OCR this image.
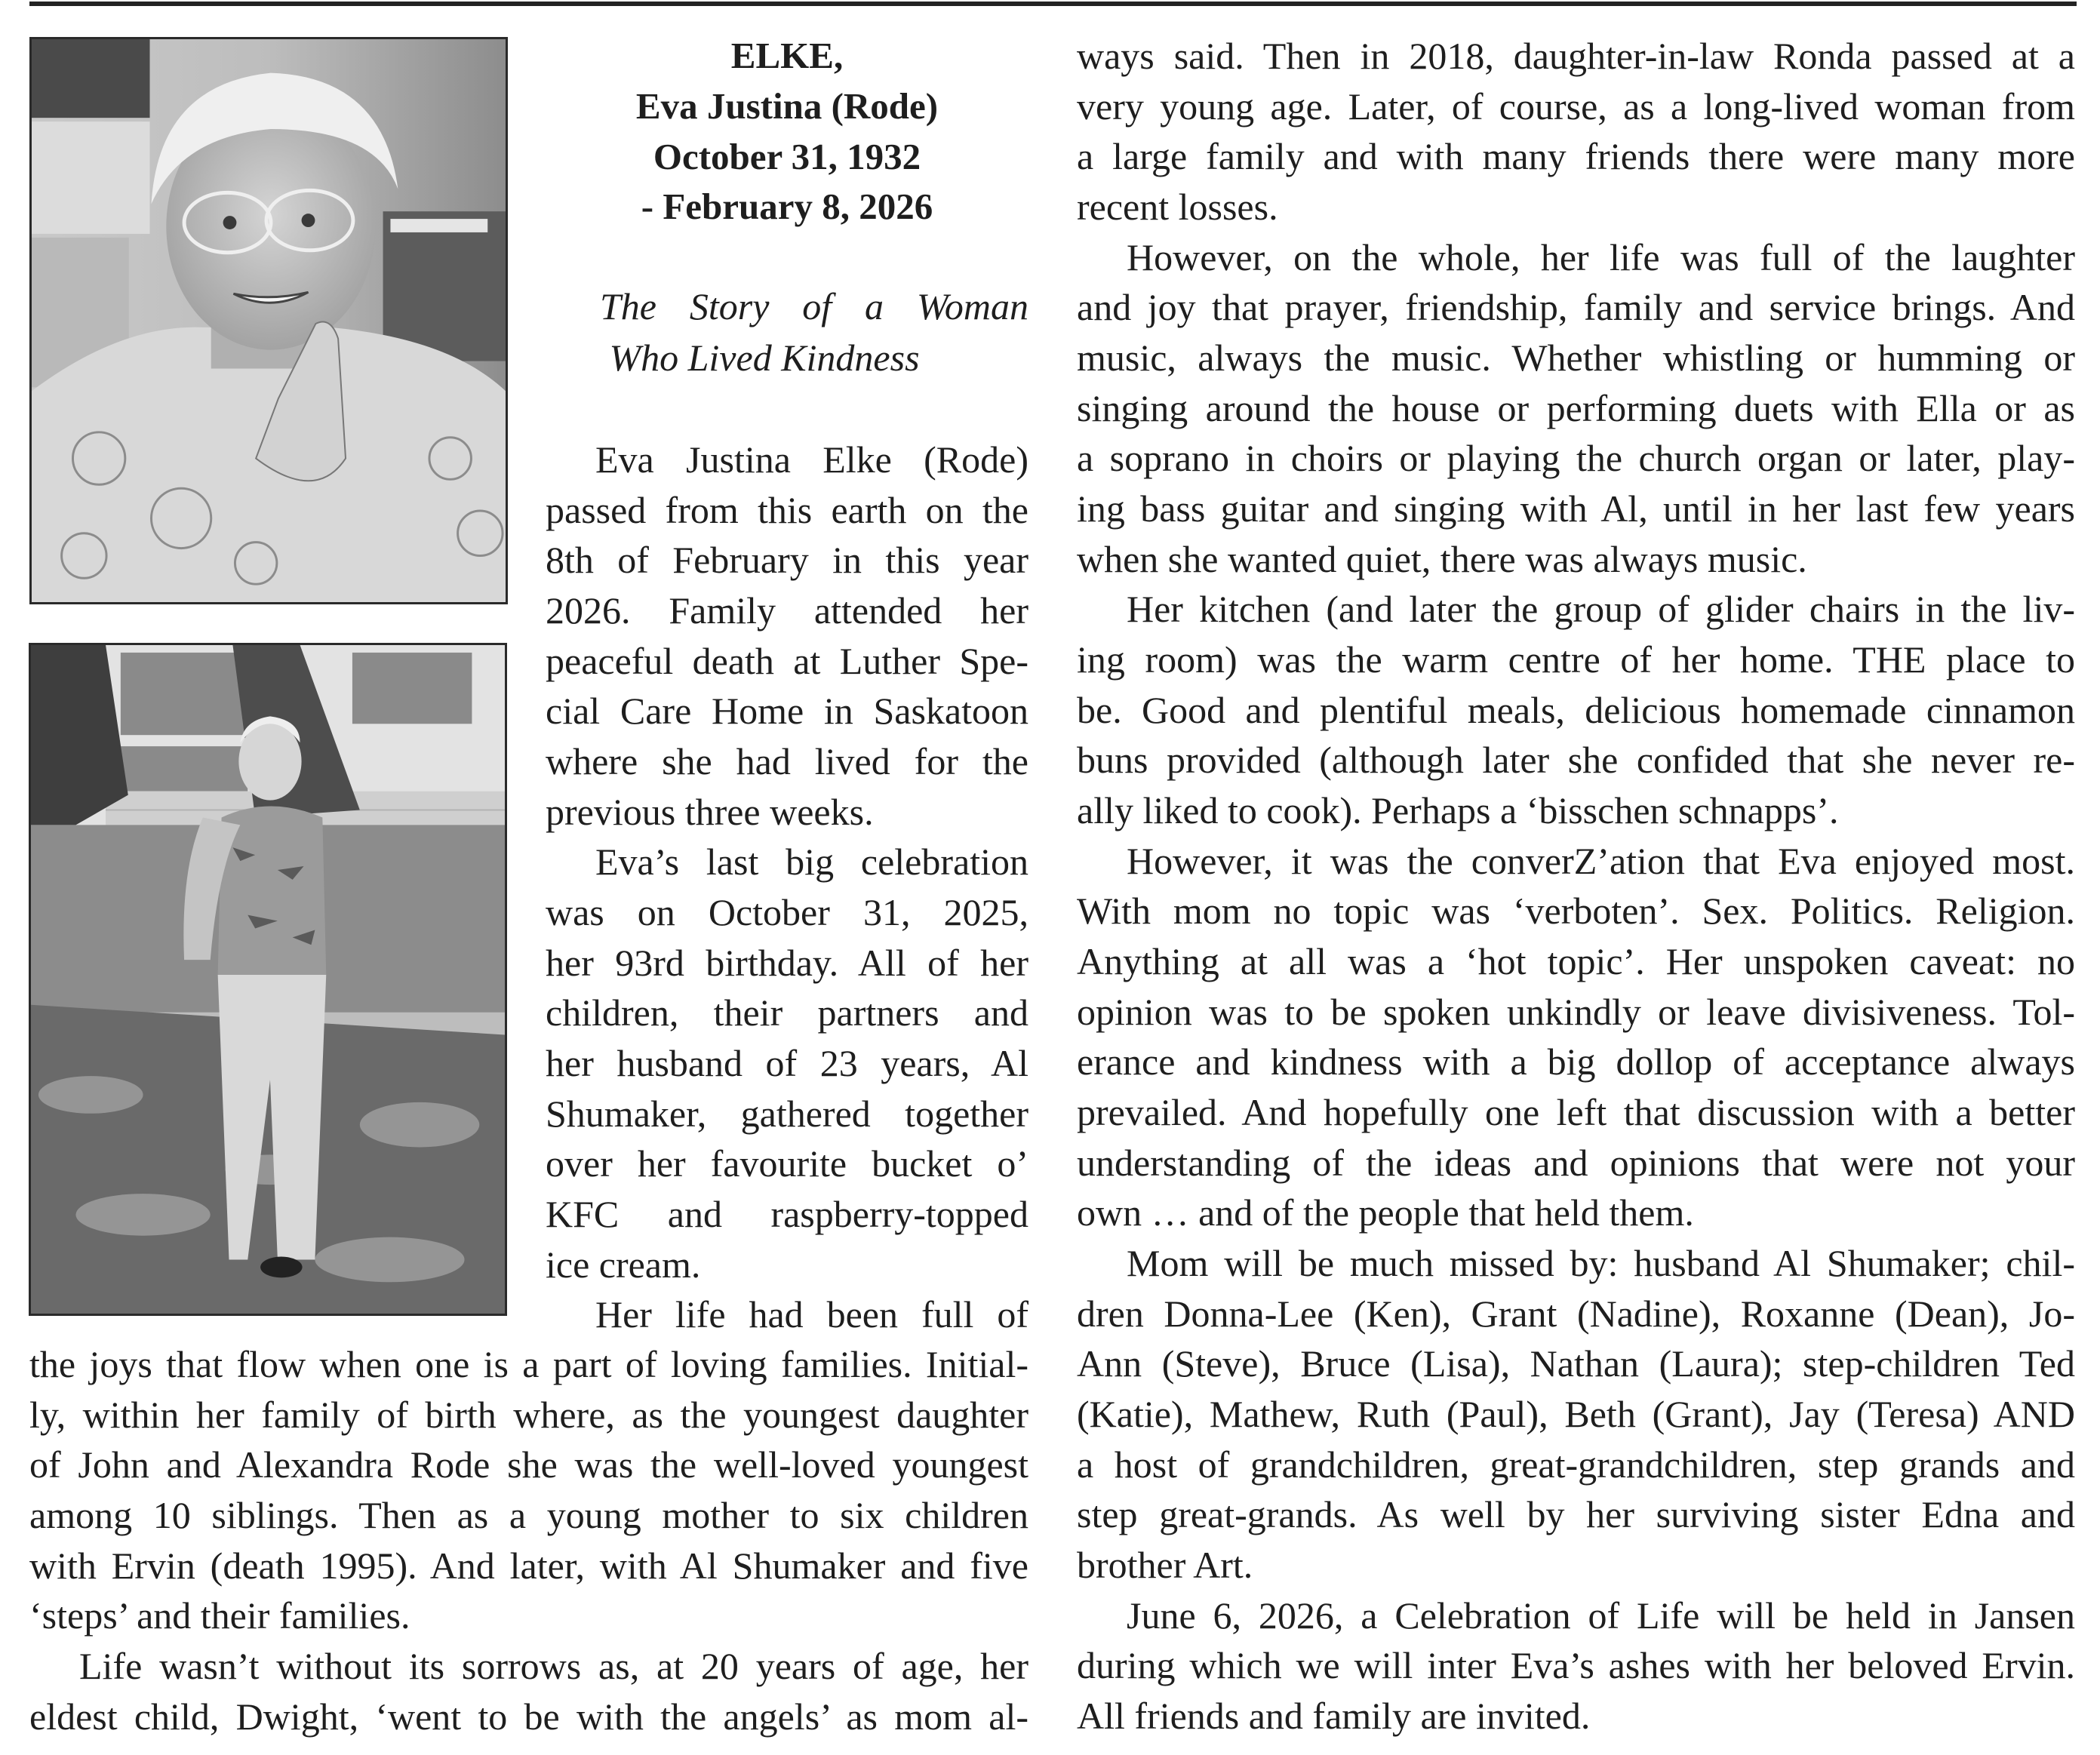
ELKE,
Eva Justina (Rode)
October 31, 1932
- February 8, 2026
The Story of a Woman
Who Lived Kindness
Eva Justina Elke (Rode)
passed from this earth on the
8th of February in this year
2026. Family attended her
peaceful death at Luther Spe-
cial Care Home in Saskatoon
where she had lived for the
previous three weeks.
Eva’s last big celebration
was on October 31, 2025,
her 93rd birthday. All of her
children, their partners and
her husband of 23 years, Al
Shumaker, gathered together
over her favourite bucket o’
KFC and raspberry-topped
ice cream.
Her life had been full of
the joys that flow when one is a part of loving families. Initial-
ly, within her family of birth where, as the youngest daughter
of John and Alexandra Rode she was the well-loved youngest
among 10 siblings. Then as a young mother to six children
with Ervin (death 1995). And later, with Al Shumaker and five
‘steps’ and their families.
Life wasn’t without its sorrows as, at 20 years of age, her
eldest child, Dwight, ‘went to be with the angels’ as mom al-
ways said. Then in 2018, daughter-in-law Ronda passed at a
very young age. Later, of course, as a long-lived woman from
a large family and with many friends there were many more
recent losses.
However, on the whole, her life was full of the laughter
and joy that prayer, friendship, family and service brings. And
music, always the music. Whether whistling or humming or
singing around the house or performing duets with Ella or as
a soprano in choirs or playing the church organ or later, play-
ing bass guitar and singing with Al, until in her last few years
when she wanted quiet, there was always music.
Her kitchen (and later the group of glider chairs in the liv-
ing room) was the warm centre of her home. THE place to
be. Good and plentiful meals, delicious homemade cinnamon
buns provided (although later she confided that she never re-
ally liked to cook). Perhaps a ‘bisschen schnapps’.
However, it was the converZ’ation that Eva enjoyed most.
With mom no topic was ‘verboten’. Sex. Politics. Religion.
Anything at all was a ‘hot topic’. Her unspoken caveat: no
opinion was to be spoken unkindly or leave divisiveness. Tol-
erance and kindness with a big dollop of acceptance always
prevailed. And hopefully one left that discussion with a better
understanding of the ideas and opinions that were not your
own … and of the people that held them.
Mom will be much missed by: husband Al Shumaker; chil-
dren Donna-Lee (Ken), Grant (Nadine), Roxanne (Dean), Jo-
Ann (Steve), Bruce (Lisa), Nathan (Laura); step-children Ted
(Katie), Mathew, Ruth (Paul), Beth (Grant), Jay (Teresa) AND
a host of grandchildren, great-grandchildren, step grands and
step great-grands. As well by her surviving sister Edna and
brother Art.
June 6, 2026, a Celebration of Life will be held in Jansen
during which we will inter Eva’s ashes with her beloved Ervin.
All friends and family are invited.
